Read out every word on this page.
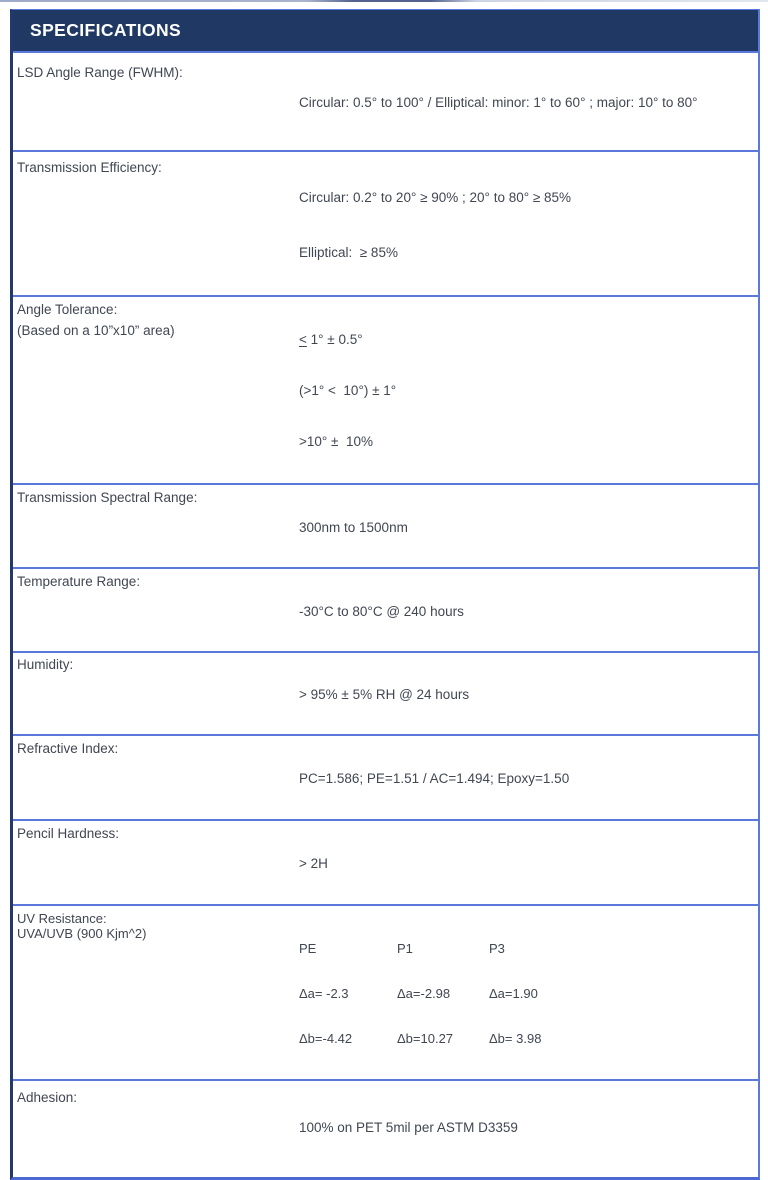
SPECIFICATIONS
LSD Angle Range (FWHM):

Circular: 0.5° to 100° / Elliptical: minor: 1° to 60° ; major: 10° to 80°

Transmission Efficiency:

Circular: 0.2° to 20° ≥ 90% ; 20° to 80° ≥ 85%

Elliptical:  ≥ 85%

Angle Tolerance:
(Based on a 10”x10” area)

< 1° ± 0.5°

(>1° <  10°) ± 1°

>10° ±  10%

Transmission Spectral Range:

300nm to 1500nm

Temperature Range:

-30°C to 80°C @ 240 hours

Humidity:

> 95% ± 5% RH @ 24 hours

Refractive Index:

PC=1.586; PE=1.51 / AC=1.494; Epoxy=1.50

Pencil Hardness:

> 2H

UV Resistance:
UVA/UVB (900 Kjm^2)

PE

Δa= -2.3

Δb=-4.42

P1

Δa=-2.98

Δb=10.27

P3

Δa=1.90

Δb= 3.98

Adhesion:

100% on PET 5mil per ASTM D3359
